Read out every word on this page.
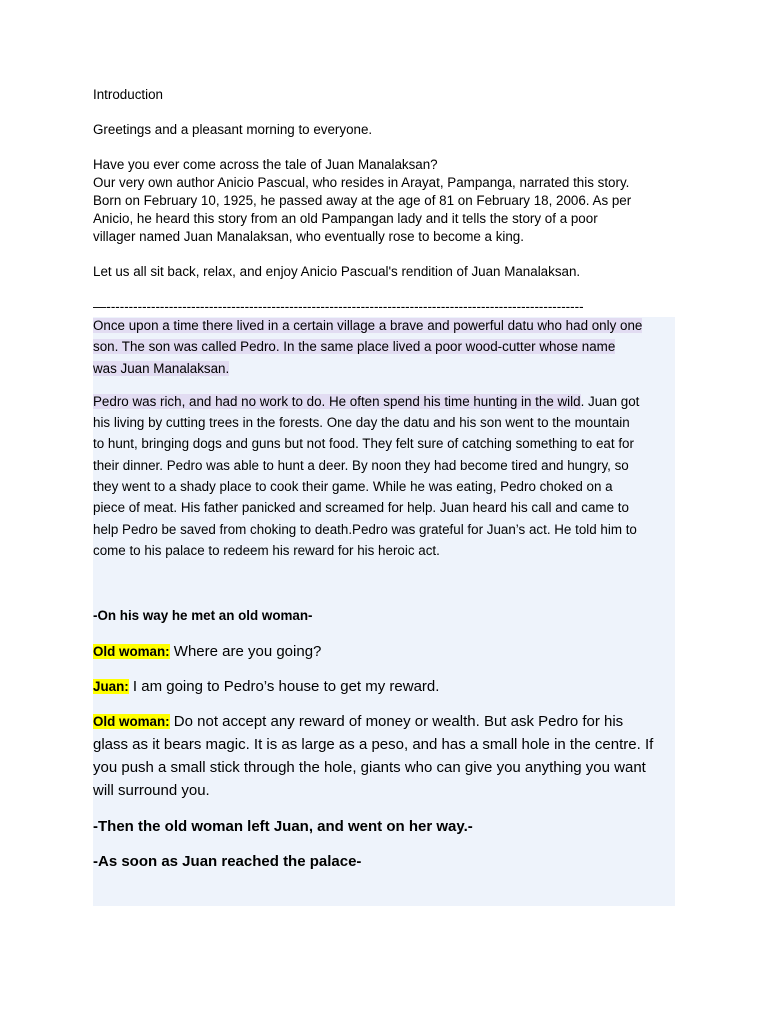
Introduction

Greetings and a pleasant morning to everyone.

Have you ever come across the tale of Juan Manalaksan?

Our very own author Anicio Pascual, who resides in Arayat, Pampanga, narrated this story.

Born on February 10, 1925, he passed away at the age of 81 on February 18, 2006. As per

Anicio, he heard this story from an old Pampangan lady and it tells the story of a poor

villager named Juan Manalaksan, who eventually rose to become a king.

Let us all sit back, relax, and enjoy Anicio Pascual's rendition of Juan Manalaksan.

—-----------------------------------------------------------------------------------------------------------

Once upon a time there lived in a certain village a brave and powerful datu who had only one
son. The son was called Pedro. In the same place lived a poor wood-cutter whose name
was Juan Manalaksan.

Pedro was rich, and had no work to do. He often spend his time hunting in the wild. Juan got
his living by cutting trees in the forests. One day the datu and his son went to the mountain
to hunt, bringing dogs and guns but not food. They felt sure of catching something to eat for
their dinner. Pedro was able to hunt a deer. By noon they had become tired and hungry, so
they went to a shady place to cook their game. While he was eating, Pedro choked on a
piece of meat. His father panicked and screamed for help. Juan heard his call and came to
help Pedro be saved from choking to death.Pedro was grateful for Juan’s act. He told him to
come to his palace to redeem his reward for his heroic act.

-On his way he met an old woman-
Old woman: Where are you going?
Juan: I am going to Pedro’s house to get my reward.
Old woman: Do not accept any reward of money or wealth. But ask Pedro for his
glass as it bears magic. It is as large as a peso, and has a small hole in the centre. If
you push a small stick through the hole, giants who can give you anything you want
will surround you.
-Then the old woman left Juan, and went on her way.-
-As soon as Juan reached the palace-
